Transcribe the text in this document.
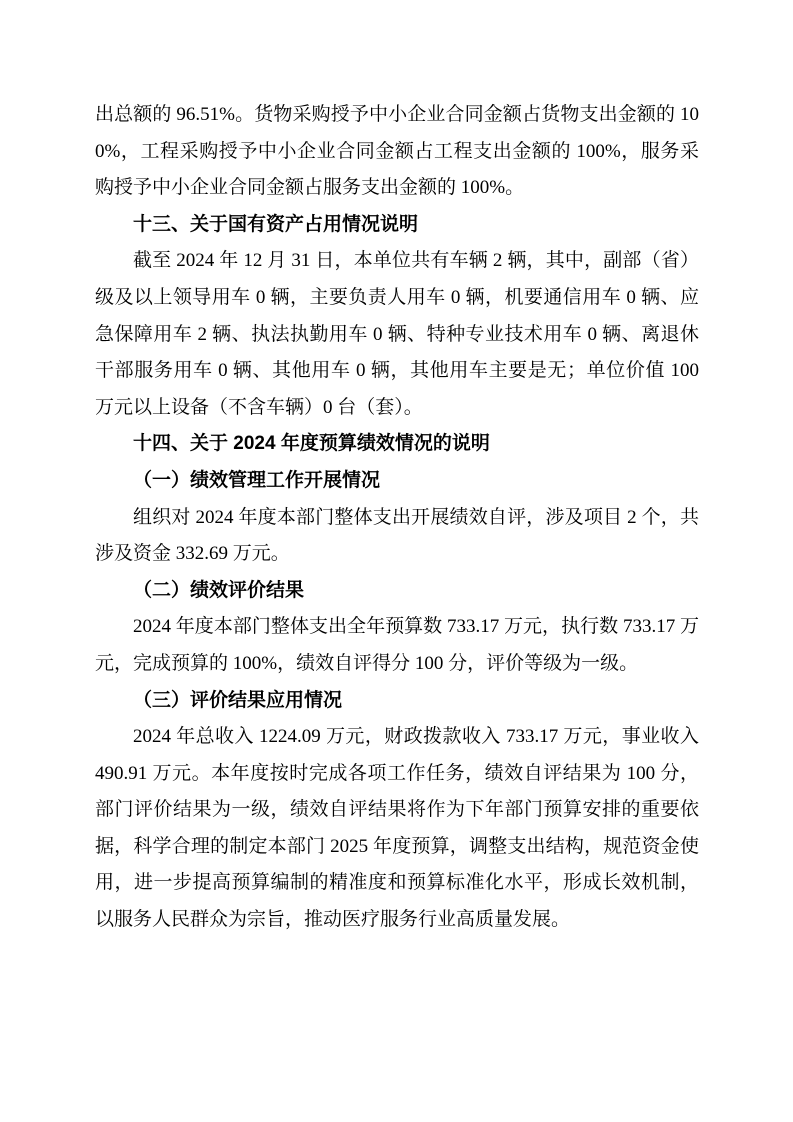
出总额的 96.51%。货物采购授予中小企业合同金额占货物支出金额的 100%，工程采购授予中小企业合同金额占工程支出金额的 100%，服务采购授予中小企业合同金额占服务支出金额的 100%。

十三、关于国有资产占用情况说明

截至 2024 年 12 月 31 日，本单位共有车辆 2 辆，其中，副部（省）级及以上领导用车 0 辆，主要负责人用车 0 辆，机要通信用车 0 辆、应急保障用车 2 辆、执法执勤用车 0 辆、特种专业技术用车 0 辆、离退休干部服务用车 0 辆、其他用车 0 辆，其他用车主要是无；单位价值 100 万元以上设备（不含车辆）0 台（套）。

十四、关于 2024 年度预算绩效情况的说明

（一）绩效管理工作开展情况

组织对 2024 年度本部门整体支出开展绩效自评，涉及项目 2 个，共涉及资金 332.69 万元。

（二）绩效评价结果

2024 年度本部门整体支出全年预算数 733.17 万元，执行数 733.17 万元，完成预算的 100%，绩效自评得分 100 分，评价等级为一级。

（三）评价结果应用情况

2024 年总收入 1224.09 万元，财政拨款收入 733.17 万元，事业收入 490.91 万元。本年度按时完成各项工作任务，绩效自评结果为 100 分，部门评价结果为一级，绩效自评结果将作为下年部门预算安排的重要依据，科学合理的制定本部门 2025 年度预算，调整支出结构，规范资金使用，进一步提高预算编制的精准度和预算标准化水平，形成长效机制，以服务人民群众为宗旨，推动医疗服务行业高质量发展。
